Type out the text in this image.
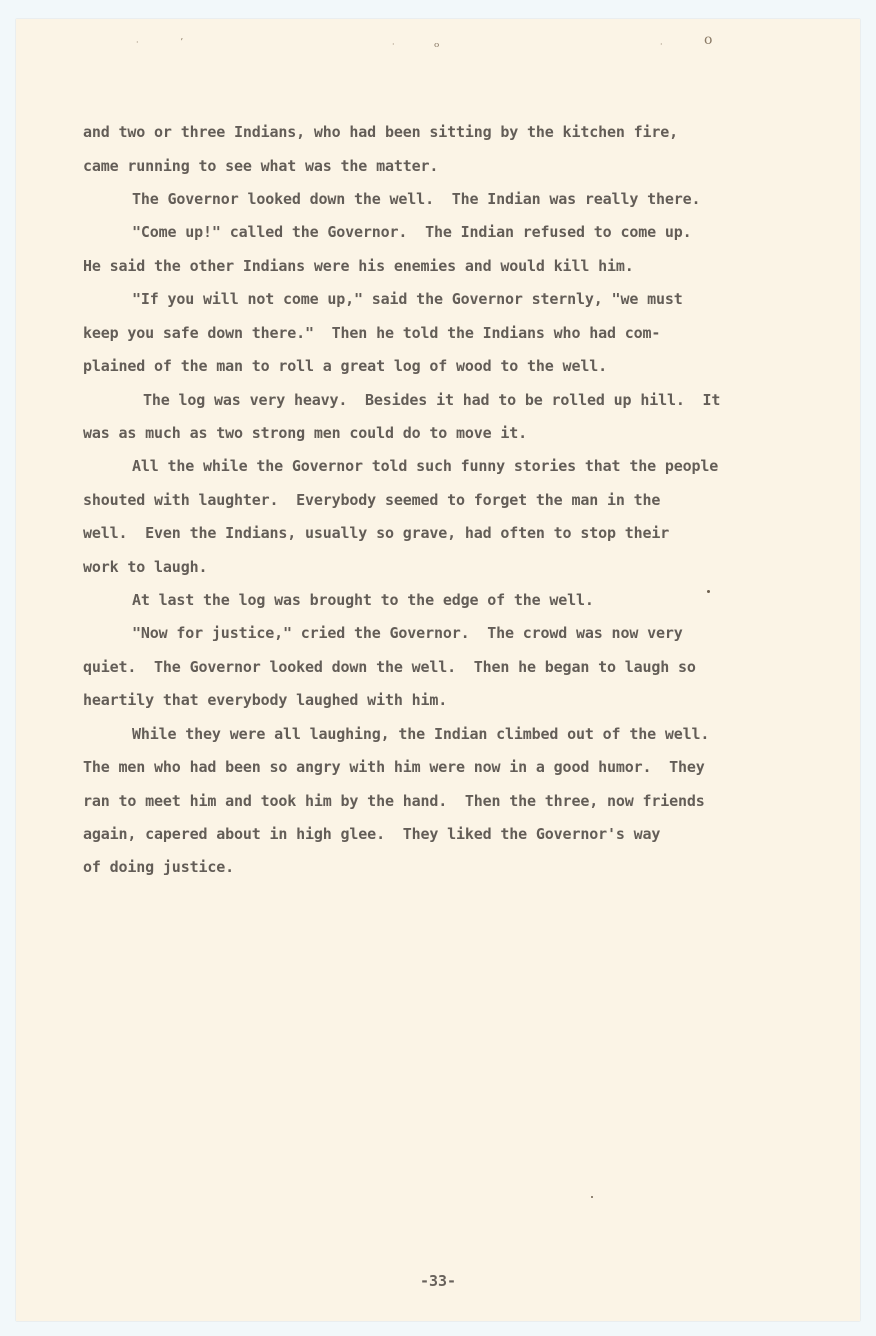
·	ʼ	·	ₒ	·	o
and two or three Indians, who had been sitting by the kitchen fire,
came running to see what was the matter.
The Governor looked down the well.  The Indian was really there.
"Come up!" called the Governor.  The Indian refused to come up.
He said the other Indians were his enemies and would kill him.
"If you will not come up," said the Governor sternly, "we must
keep you safe down there."  Then he told the Indians who had com-
plained of the man to roll a great log of wood to the well.
The log was very heavy.  Besides it had to be rolled up hill.  It
was as much as two strong men could do to move it.
All the while the Governor told such funny stories that the people
shouted with laughter.  Everybody seemed to forget the man in the
well.  Even the Indians, usually so grave, had often to stop their
work to laugh.
At last the log was brought to the edge of the well.
"Now for justice," cried the Governor.  The crowd was now very
quiet.  The Governor looked down the well.  Then he began to laugh so
heartily that everybody laughed with him.
While they were all laughing, the Indian climbed out of the well.
The men who had been so angry with him were now in a good humor.  They
ran to meet him and took him by the hand.  Then the three, now friends
again, capered about in high glee.  They liked the Governor's way
of doing justice.
-33-
